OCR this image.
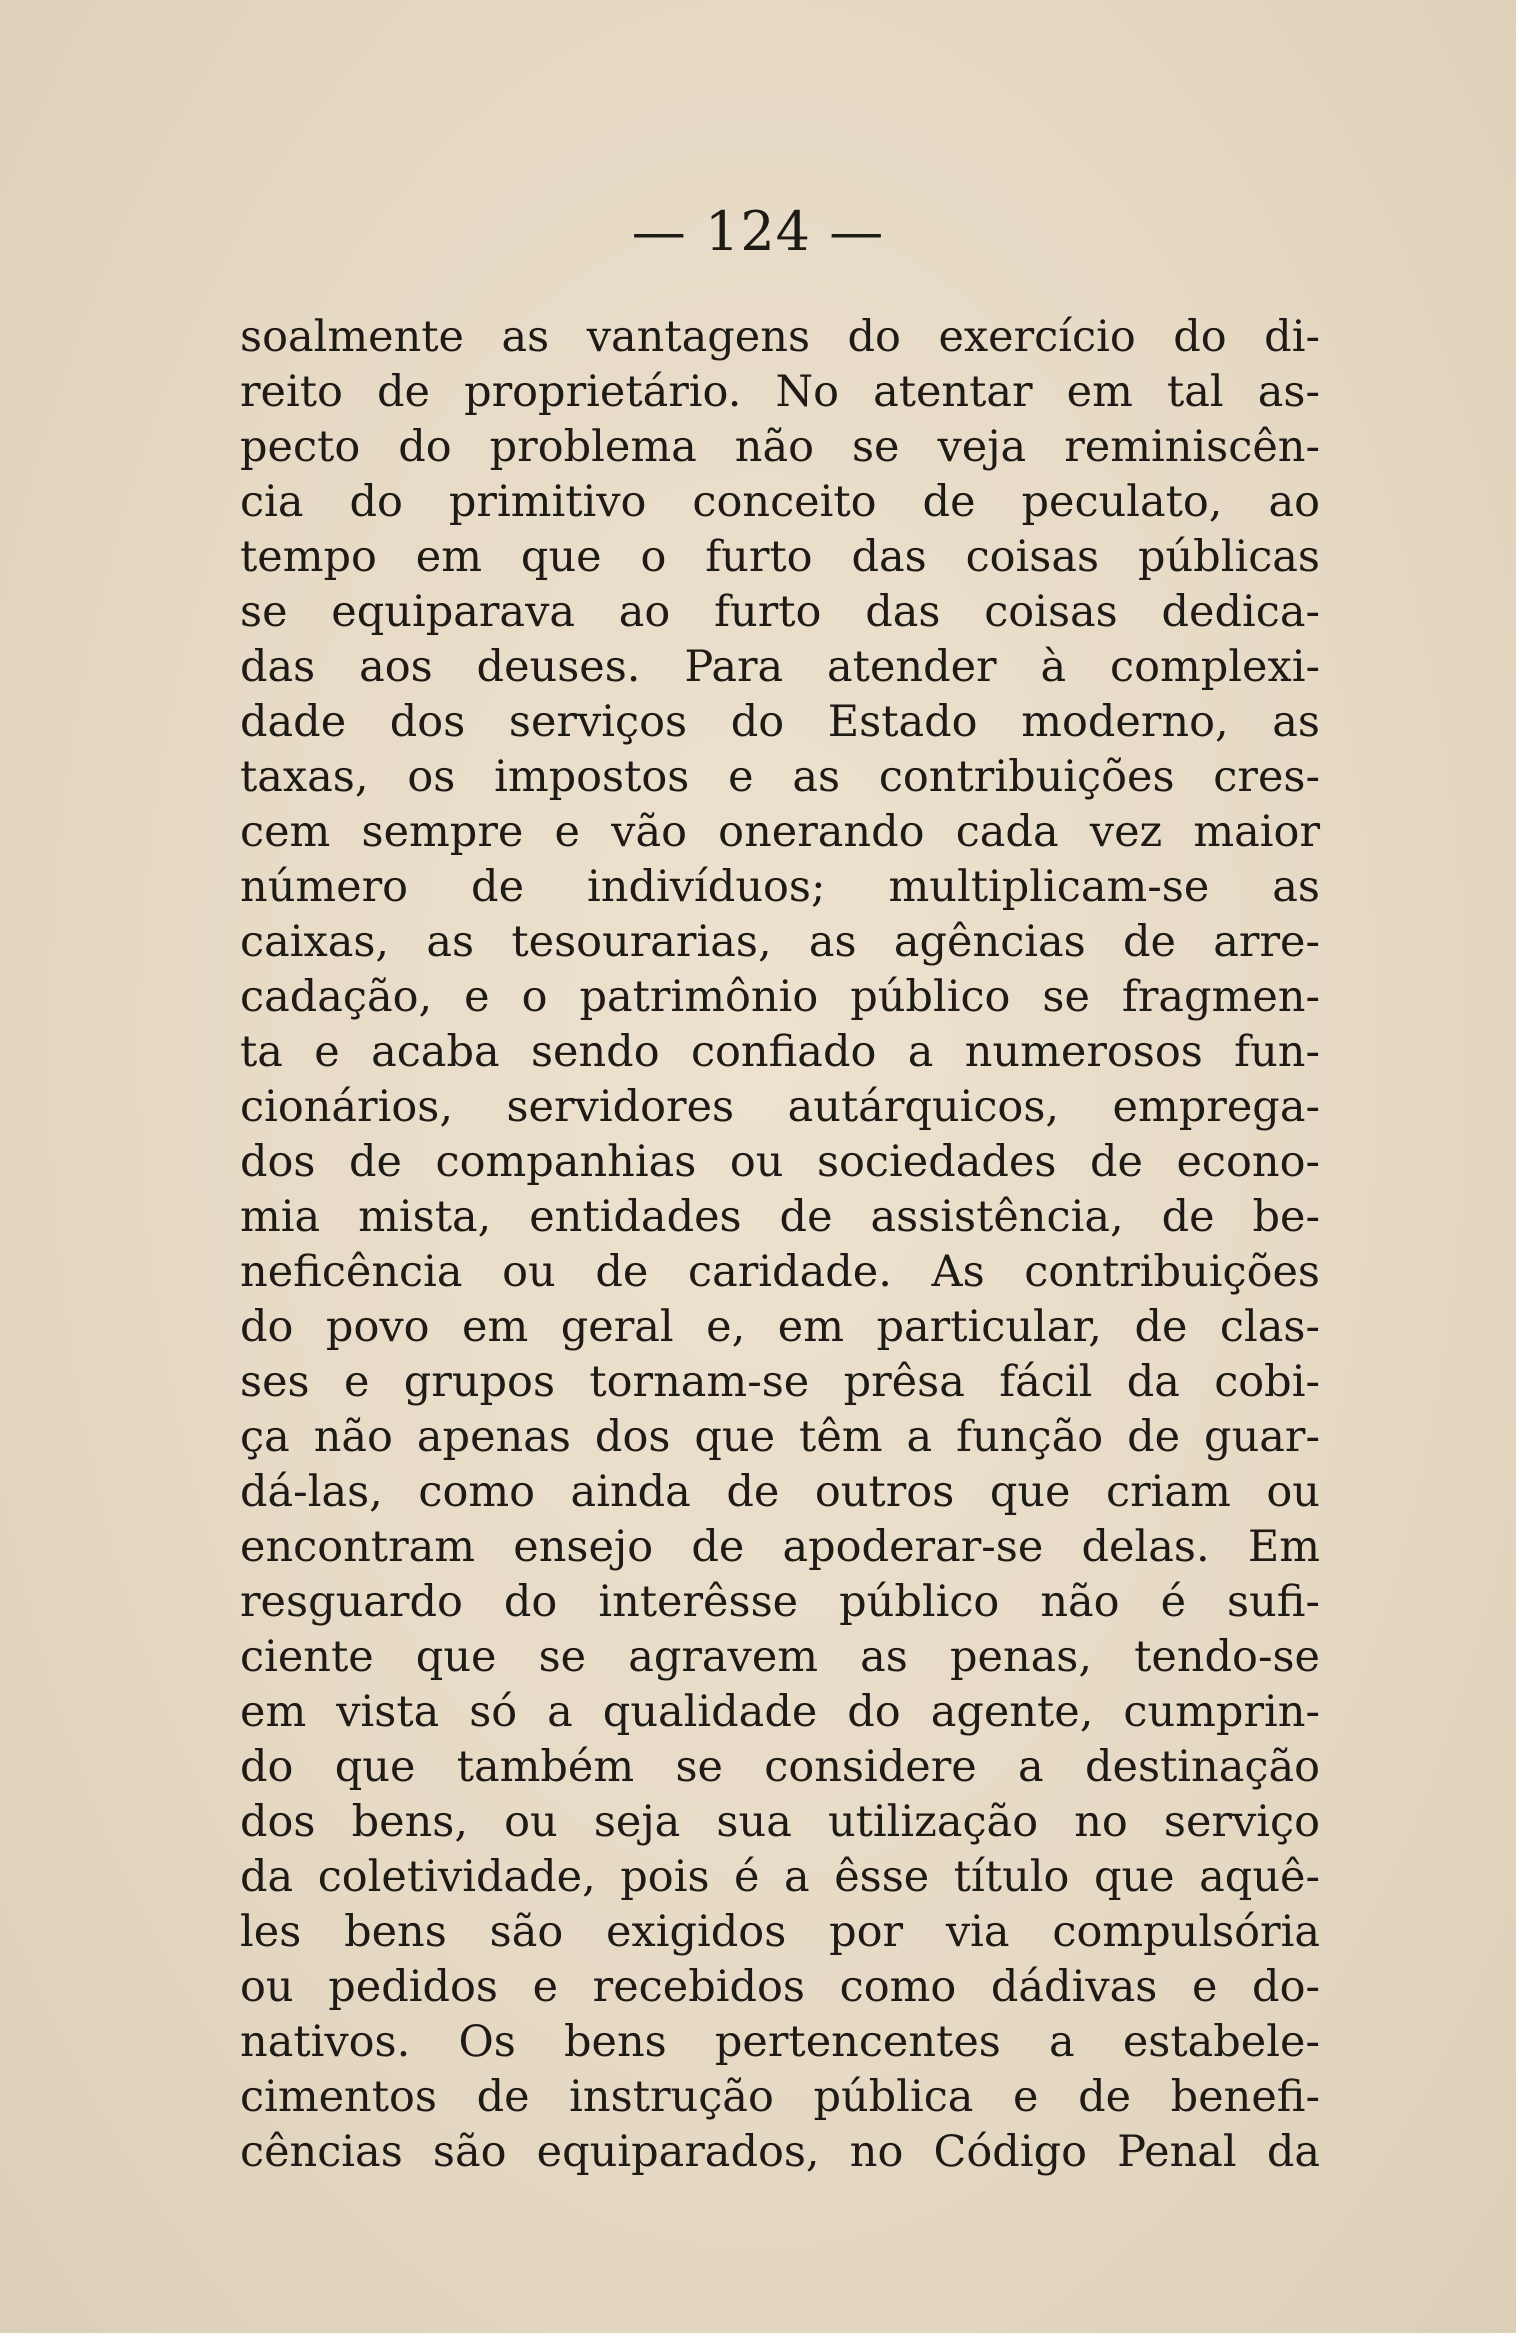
— 124 —
soalmente as vantagens do exercício do di-
reito de proprietário. No atentar em tal as-
pecto do problema não se veja reminiscên-
cia do primitivo conceito de peculato, ao
tempo em que o furto das coisas públicas
se equiparava ao furto das coisas dedica-
das aos deuses. Para atender à complexi-
dade dos serviços do Estado moderno, as
taxas, os impostos e as contribuições cres-
cem sempre e vão onerando cada vez maior
número de indivíduos; multiplicam-se as
caixas, as tesourarias, as agências de arre-
cadação, e o patrimônio público se fragmen-
ta e acaba sendo confiado a numerosos fun-
cionários, servidores autárquicos, emprega-
dos de companhias ou sociedades de econo-
mia mista, entidades de assistência, de be-
neficência ou de caridade. As contribuições
do povo em geral e, em particular, de clas-
ses e grupos tornam-se prêsa fácil da cobi-
ça não apenas dos que têm a função de guar-
dá-las, como ainda de outros que criam ou
encontram ensejo de apoderar-se delas. Em
resguardo do interêsse público não é sufi-
ciente que se agravem as penas, tendo-se
em vista só a qualidade do agente, cumprin-
do que também se considere a destinação
dos bens, ou seja sua utilização no serviço
da coletividade, pois é a êsse título que aquê-
les bens são exigidos por via compulsória
ou pedidos e recebidos como dádivas e do-
nativos. Os bens pertencentes a estabele-
cimentos de instrução pública e de benefi-
cências são equiparados, no Código Penal da
